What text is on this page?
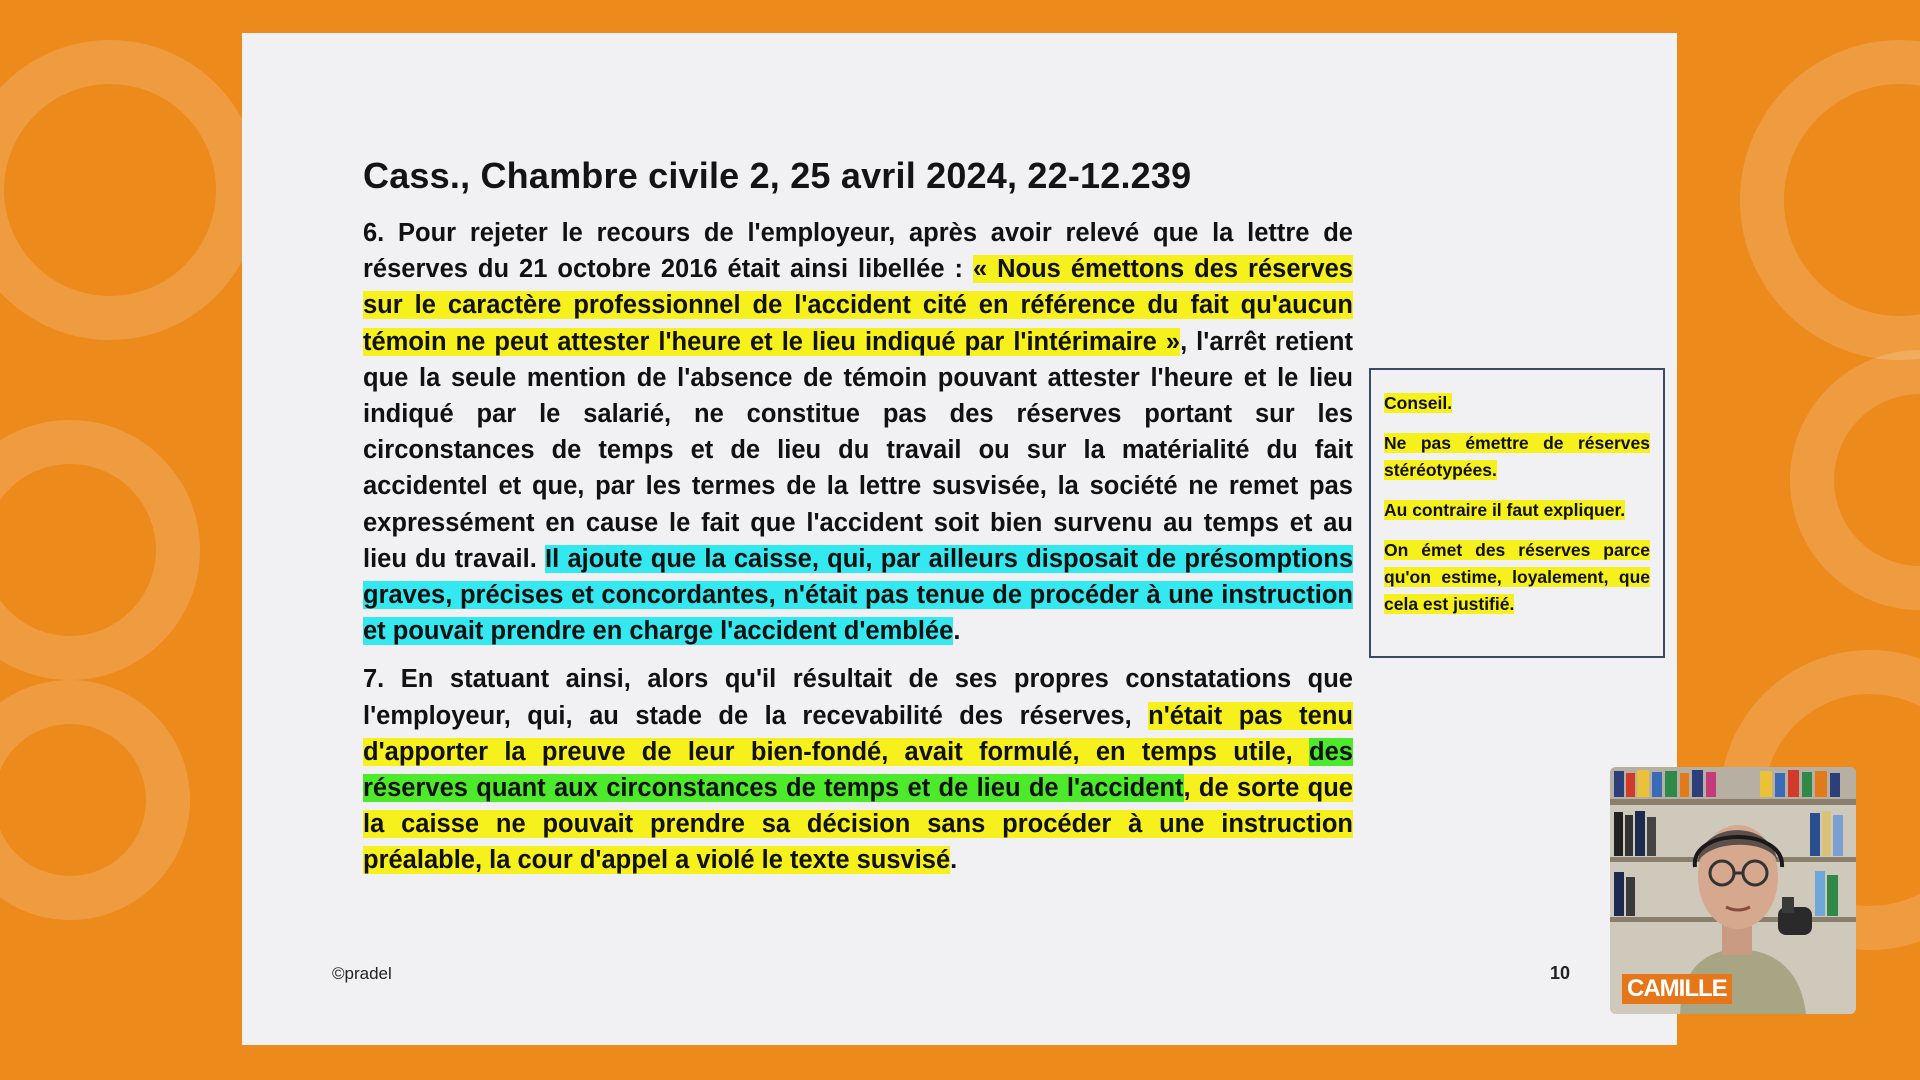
Cass., Chambre civile 2, 25 avril 2024, 22-12.239

6. Pour rejeter le recours de l'employeur, après avoir relevé que la lettre de réserves du 21 octobre 2016 était ainsi libellée : « Nous émettons des réserves sur le caractère professionnel de l'accident cité en référence du fait qu'aucun témoin ne peut attester l'heure et le lieu indiqué par l'intérimaire », l'arrêt retient que la seule mention de l'absence de témoin pouvant attester l'heure et le lieu indiqué par le salarié, ne constitue pas des réserves portant sur les circonstances de temps et de lieu du travail ou sur la matérialité du fait accidentel et que, par les termes de la lettre susvisée, la société ne remet pas expressément en cause le fait que l'accident soit bien survenu au temps et au lieu du travail. Il ajoute que la caisse, qui, par ailleurs disposait de présomptions graves, précises et concordantes, n'était pas tenue de procéder à une instruction et pouvait prendre en charge l'accident d'emblée.

7. En statuant ainsi, alors qu'il résultait de ses propres constatations que l'employeur, qui, au stade de la recevabilité des réserves, n'était pas tenu d'apporter la preuve de leur bien-fondé, avait formulé, en temps utile, des réserves quant aux circonstances de temps et de lieu de l'accident, de sorte que la caisse ne pouvait prendre sa décision sans procéder à une instruction préalable, la cour d'appel a violé le texte susvisé.

Conseil.

Ne pas émettre de réserves stéréotypées.

Au contraire il faut expliquer.

On émet des réserves parce qu'on estime, loyalement, que cela est justifié.

©pradel	10
CAMILLE
